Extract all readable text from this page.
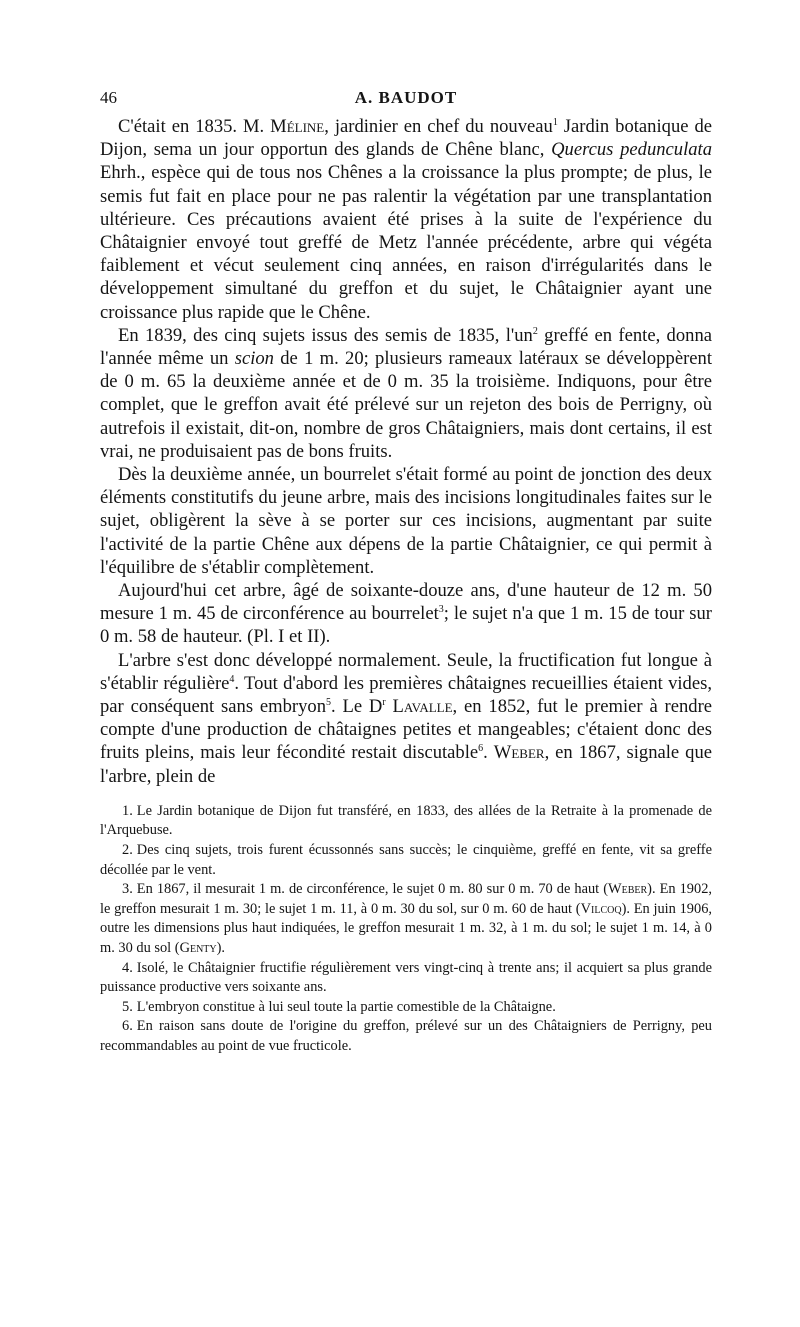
46	A. BAUDOT

C'était en 1835. M. Méline, jardinier en chef du nouveau$^1$ Jardin botanique de Dijon, sema un jour opportun des glands de Chêne blanc, Quercus pedunculata Ehrh., espèce qui de tous nos Chênes a la croissance la plus prompte; de plus, le semis fut fait en place pour ne pas ralentir la végétation par une transplantation ultérieure. Ces précautions avaient été prises à la suite de l'expérience du Châtaignier envoyé tout greffé de Metz l'année précédente, arbre qui végéta faiblement et vécut seulement cinq années, en raison d'irrégularités dans le développement simultané du greffon et du sujet, le Châtaignier ayant une croissance plus rapide que le Chêne.

En 1839, des cinq sujets issus des semis de 1835, $l'un^2$ greffé en fente, donna l'année même un scion de 1 m. 20; plusieurs rameaux latéraux se développèrent de 0 m. 65 la deuxième année et de 0 m. 35 la troisième. Indiquons, pour être complet, que le greffon avait été prélevé sur un rejeton des bois de Perrigny, où autrefois il existait, dit-on, nombre de gros Châtaigniers, mais dont certains, il est vrai, ne produisaient pas de bons fruits.

Dès la deuxième année, un bourrelet s'était formé au point de jonction des deux éléments constitutifs du jeune arbre, mais des incisions longitudinales faites sur le sujet, obligèrent la sève à se porter sur ces incisions, augmentant par suite l'activité de la partie Chêne aux dépens de la partie Châtaignier, ce qui permit à l'équilibre de s'établir complètement.

Aujourd'hui cet arbre, âgé de soixante-douze ans, d'une hauteur de 12 m. 50 mesure 1 m. 45 de circonférence au bourrelet$^3$; le sujet n'a que 1 m. 15 de tour sur 0 m. 58 de hauteur. (Pl. I et II).

L'arbre s'est donc développé normalement. Seule, la fructification fut longue à s'établir régulière$^4$. Tout d'abord les premières châtaignes recueillies étaient vides, par conséquent sans embryon$^5$. Le $D^r$ Lavalle, en 1852, fut le premier à rendre compte d'une production de châtaignes petites et mangeables; c'étaient donc des fruits pleins, mais leur fécondité restait discutable$^6$. Weber, en 1867, signale que l'arbre, plein de

1. Le Jardin botanique de Dijon fut transféré, en 1833, des allées de la Retraite à la promenade de l'Arquebuse.

2. Des cinq sujets, trois furent écussonnés sans succès; le cinquième, greffé en fente, vit sa greffe décollée par le vent.

3. En 1867, il mesurait 1 m. de circonférence, le sujet 0 m. 80 sur 0 m. 70 de haut (Weber). En 1902, le greffon mesurait 1 m. 30; le sujet 1 m. 11, à 0 m. 30 du sol, sur 0 m. 60 de haut (Vilcoq). En juin 1906, outre les dimensions plus haut indiquées, le greffon mesurait 1 m. 32, à 1 m. du sol; le sujet 1 m. 14, à 0 m. 30 du sol (Genty).

4. Isolé, le Châtaignier fructifie régulièrement vers vingt-cinq à trente ans; il acquiert sa plus grande puissance productive vers soixante ans.

5. L'embryon constitue à lui seul toute la partie comestible de la Châtaigne.

6. En raison sans doute de l'origine du greffon, prélevé sur un des Châtaigniers de Perrigny, peu recommandables au point de vue fructicole.
